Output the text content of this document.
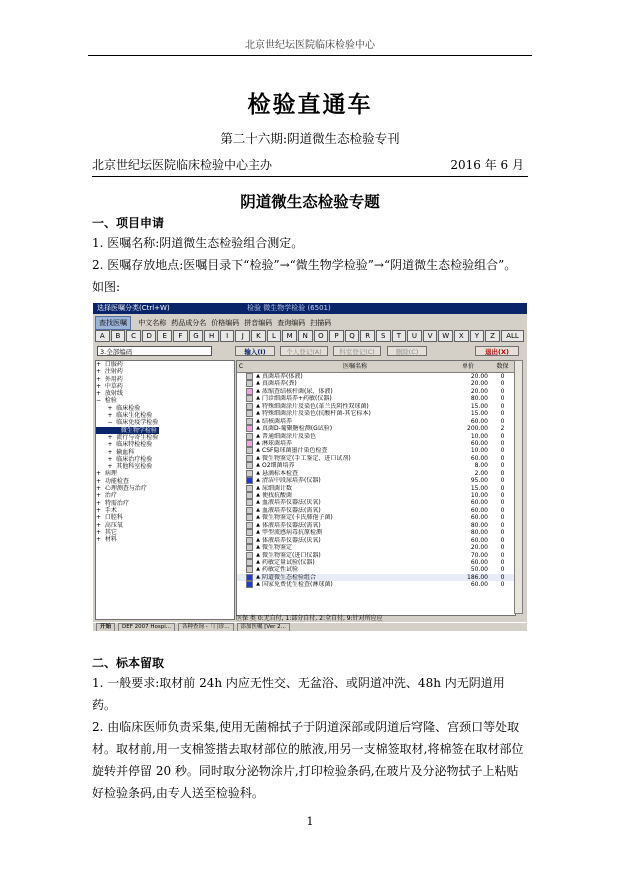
北京世纪坛医院临床检验中心
检验直通车
第二十六期:阴道微生态检验专刊
北京世纪坛医院临床检验中心主办	2016 年 6 月
阴道微生态检验专题
一、项目申请
1. 医嘱名称:阴道微生态检验组合测定。
2. 医嘱存放地点:医嘱目录下“检验”→“微生物学检验”→“阴道微生态检验组合”。如图:
选择医嘱分类(Ctrl+W)	检验 微生物学检验 (6501)
查找医嘱 中文名称 药品成分名 价格编码 拼音编码 查询编码 扫描码
A	B	C	D	E	F	G	H	I	J	K	L	M	N	O	P	Q	R	S	T	U	V	W	X	Y	Z	ALL
3.全部编码	输入(I)	个人登记(A)	科室登记(C)	删除(C)	退出(X)
+  口服药
+  注射药
+  外用药
+  中草药
+  放射线
−  检验
+  临床检验
+  临床生化检验
−  临床免疫学检验
微生物学检验
+  流行与寄生检验
+  临床特检检验
+  输血科
+  临床治疗检验
+  其他科室检验
+  病理
+  功能检查
+  心理测查与治疗
+  治疗
+  特需治疗
+  手术
+  口腔科
+  高压氧
+  其它
+  材料
C	医嘱名称	单价	数保
▲ 真菌培养(体液)	20.00	0
▲ 真菌培养(粪)	20.00	0
▲ 浓缩查结核杆菌(尿、体液)	20.00	0
▲ 门诊细菌培养+药敏(仪器)	80.00	0
▲ 特殊细菌涂片及染色(革兰氏阴性双球菌)	15.00	0
▲ 特殊细菌涂片及染色(抗酸杆菌-其它标本)	15.00	0
▲ 结核菌培养	60.00	0
▲ 真菌D-葡聚糖检测(G试验)	200.00	2
▲ 普通细菌涂片及染色	10.00	0
▲ 淋球菌培养	60.00	0
▲ CSF隐球菌墨汁染色检查	10.00	0
▲ 微生物鉴定(手工鉴定、进口试剂)	60.00	0
▲ O2细菌培养	8.00	0
▲ 悬滴标本检查	2.00	0
▲ 清洁中段尿培养(仪器)	95.00	0
▲ 尿细菌计数	15.00	0
▲ 便找抗酸菌	10.00	0
▲ 血液培养仪器法(厌氧)	60.00	0
▲ 血液培养仪器法(需氧)	60.00	0
▲ 微生物鉴定(卡氏肺孢子菌)	60.00	0
▲ 体液培养仪器法(需氧)	80.00	0
▲ 甲型流感病毒抗原检测	80.00	0
▲ 体液培养仪器法(厌氧)	60.00	0
▲ 微生物鉴定	20.00	0
▲ 微生物鉴定(进口仪器)	70.00	0
▲ 药敏定量试验(仪器)	60.00	0
▲ 药敏定性试验	50.00	0
▲ 阴道微生态检验组合	186.00	0
▲ 国家免费优生检查(淋球菌)	60.00	0
医保 类 0:无自付, 1:部分自付, 2:全自付, 9:针对所应应
开始 DEF 2007 Hospi... 各种查询 -「门诊... 添加医嘱 [Ver 2...
二、标本留取
1. 一般要求:取材前 24h 内应无性交、无盆浴、或阴道冲洗、48h 内无阴道用药。
2. 由临床医师负责采集,使用无菌棉拭子于阴道深部或阴道后穹隆、宫颈口等处取材。取材前,用一支棉签揩去取材部位的脓液,用另一支棉签取材,将棉签在取材部位旋转并停留 20 秒。同时取分泌物涂片,打印检验条码,在玻片及分泌物拭子上粘贴好检验条码,由专人送至检验科。
1
